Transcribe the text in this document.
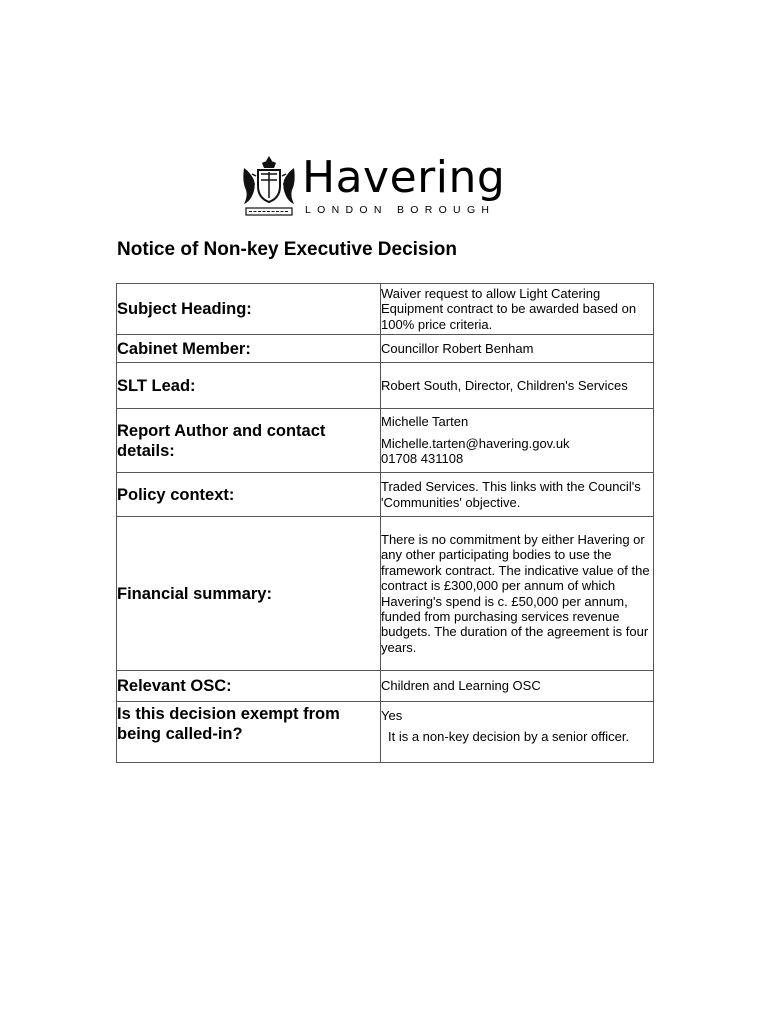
Havering
LONDON BOROUGH
Notice of Non-key Executive Decision
Subject Heading:	Waiver request to allow Light Catering Equipment contract to be awarded based on 100% price criteria.
Cabinet Member:	Councillor Robert Benham
SLT Lead:	Robert South, Director, Children's Services
Report Author and contact details:	Michelle Tarten

Michelle.tarten@havering.gov.uk

01708 431108

Policy context:	Traded Services. This links with the Council's 'Communities' objective.
Financial summary:	There is no commitment by either Havering or any other participating bodies to use the framework contract. The indicative value of the contract is £300,000 per annum of which Havering's spend is c. £50,000 per annum, funded from purchasing services revenue budgets. The duration of the agreement is four years.
Relevant OSC:	Children and Learning OSC
Is this decision exempt from being called-in?	Yes

It is a non-key decision by a senior officer.
